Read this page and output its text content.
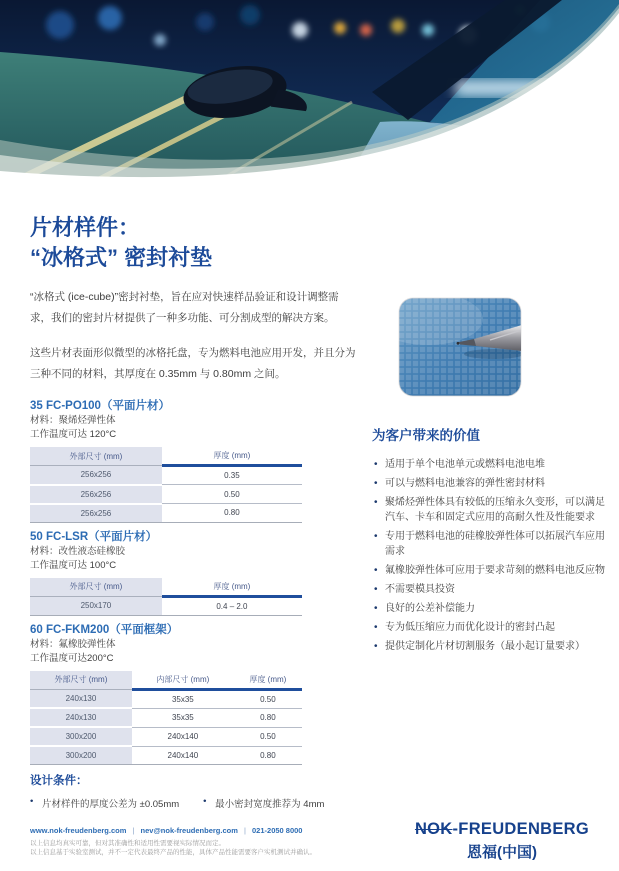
片材样件：
“冰格式” 密封衬垫

“冰格式 (ice-cube)”密封衬垫，旨在应对快速样品验证和设计调整需求，我们的密封片材提供了一种多功能、可分割成型的解决方案。

这些片材表面形似微型的冰格托盘，专为燃料电池应用开发，并且分为三种不同的材料，其厚度在 0.35mm 与 0.80mm 之间。

35 FC-PO100（平面片材）
材料：聚烯烃弹性体
工作温度可达 120°C
外部尺寸 (mm)	厚度 (mm)
256x256	0.35
256x256	0.50
256x256	0.80
50 FC-LSR（平面片材）
材料：改性液态硅橡胶
工作温度可达 100°C
外部尺寸 (mm)	厚度 (mm)
250x170	0.4 – 2.0
60 FC-FKM200（平面框架）
材料：氟橡胶弹性体
工作温度可达200°C
外部尺寸 (mm)	内部尺寸 (mm)	厚度 (mm)
240x130	35x35	0.50
240x130	35x35	0.80
300x200	240x140	0.50
300x200	240x140	0.80
设计条件：
• 片材样件的厚度公差为 ±0.05mm	• 最小密封宽度推荐为 4mm
www.nok-freudenberg.com | nev@nok-freudenberg.com | 021-2050 8000
以上信息均真实可靠，但对其准确性和适用性需要视实际情况而定。
以上信息基于实验室测试，并不一定代表最终产品的性能，具体产品性能需要客户实机测试并确认。
为客户带来的价值
• 适用于单个电池单元或燃料电池电堆
• 可以与燃料电池兼容的弹性密封材料
• 聚烯烃弹性体具有较低的压缩永久变形，可以满足汽车、卡车和固定式应用的高耐久性及性能要求
• 专用于燃料电池的硅橡胶弹性体可以拓展汽车应用需求
• 氟橡胶弹性体可应用于要求苛刻的燃料电池反应物
• 不需要模具投资
• 良好的公差补偿能力
• 专为低压缩应力而优化设计的密封凸起
• 提供定制化片材切割服务（最小起订量要求）
NOK-FREUDENBERG
恩福(中国)
